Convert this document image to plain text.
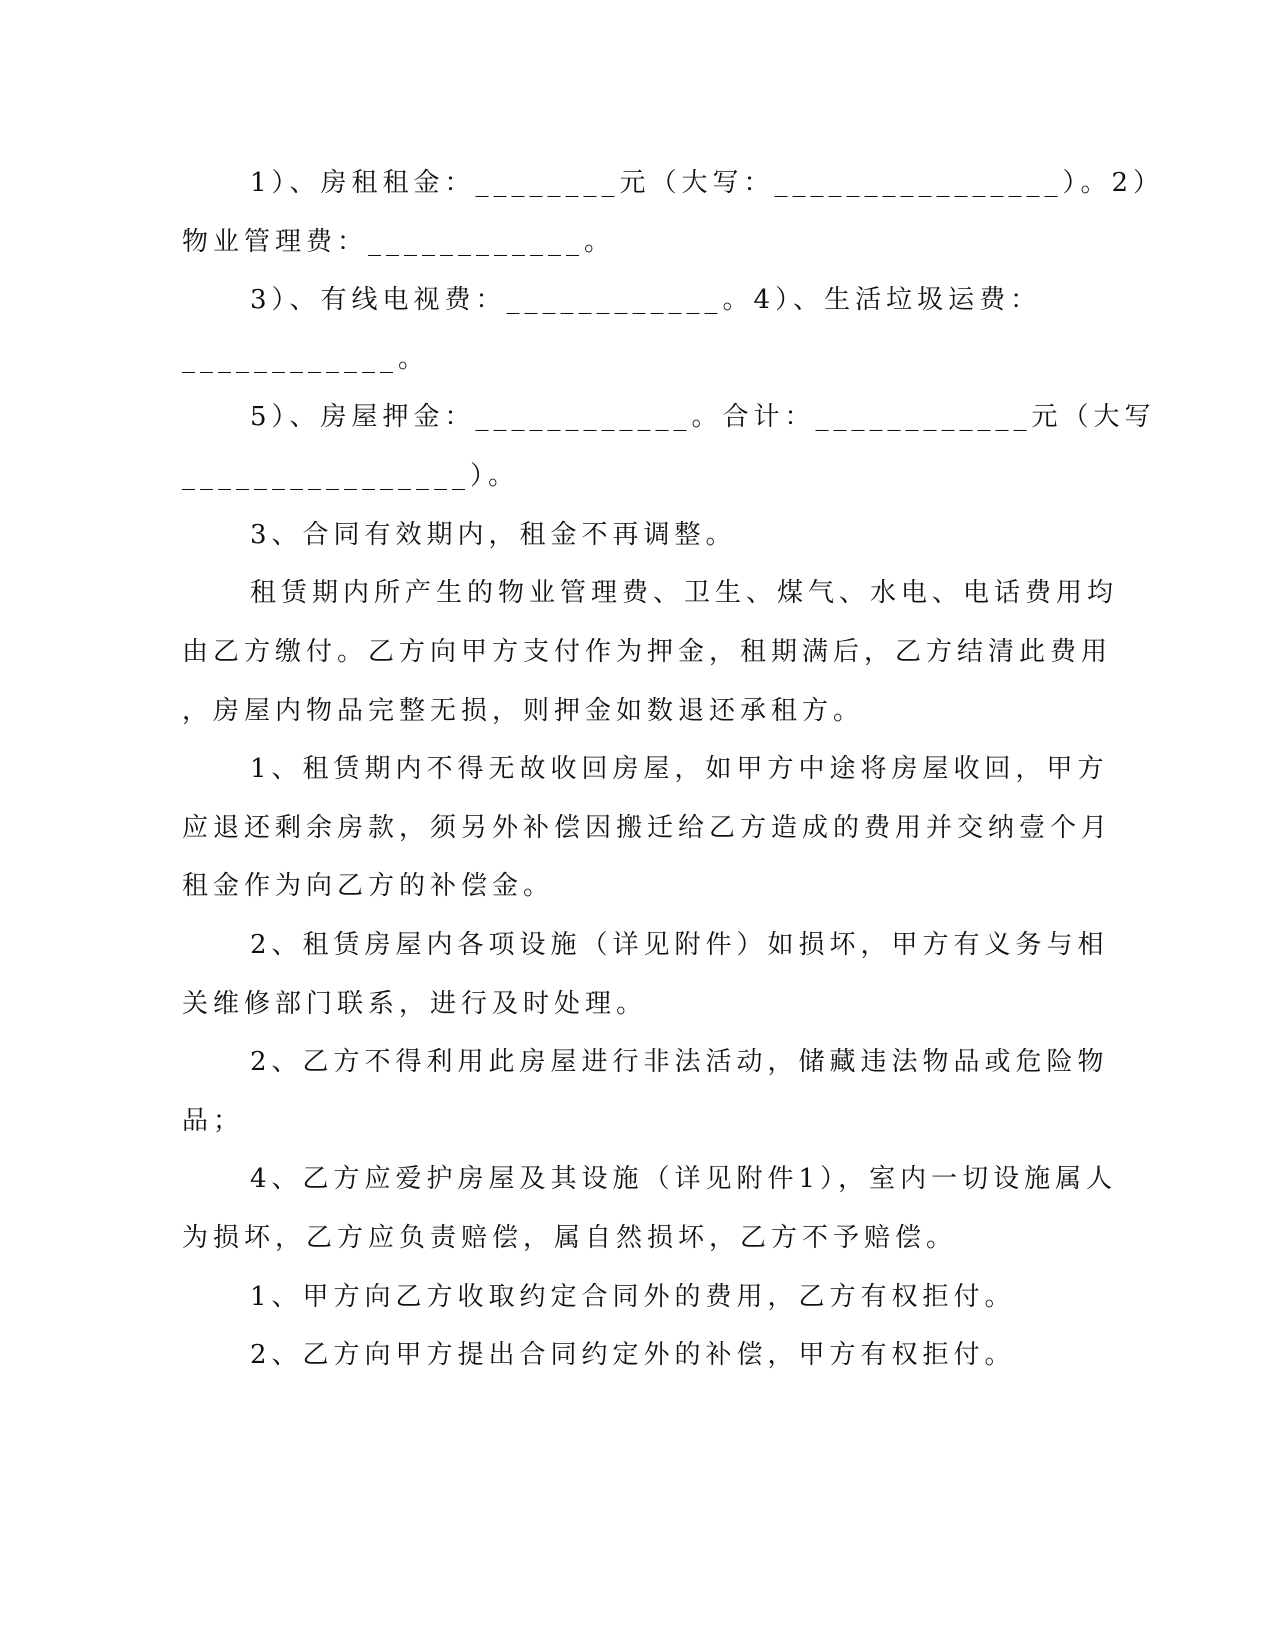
1）、房租租金：________元（大写：________________）。2）
物业管理费：____________。
3）、有线电视费：____________。4）、生活垃圾运费：
____________。
5）、房屋押金：____________。合计：____________元（大写
________________）。
3、合同有效期内，租金不再调整。
租赁期内所产生的物业管理费、卫生、煤气、水电、电话费用均
由乙方缴付。乙方向甲方支付作为押金，租期满后，乙方结清此费用
，房屋内物品完整无损，则押金如数退还承租方。
1、租赁期内不得无故收回房屋，如甲方中途将房屋收回，甲方
应退还剩余房款，须另外补偿因搬迁给乙方造成的费用并交纳壹个月
租金作为向乙方的补偿金。
2、租赁房屋内各项设施（详见附件）如损坏，甲方有义务与相
关维修部门联系，进行及时处理。
2、乙方不得利用此房屋进行非法活动，储藏违法物品或危险物
品；
4、乙方应爱护房屋及其设施（详见附件1），室内一切设施属人
为损坏，乙方应负责赔偿，属自然损坏，乙方不予赔偿。
1、甲方向乙方收取约定合同外的费用，乙方有权拒付。
2、乙方向甲方提出合同约定外的补偿，甲方有权拒付。
